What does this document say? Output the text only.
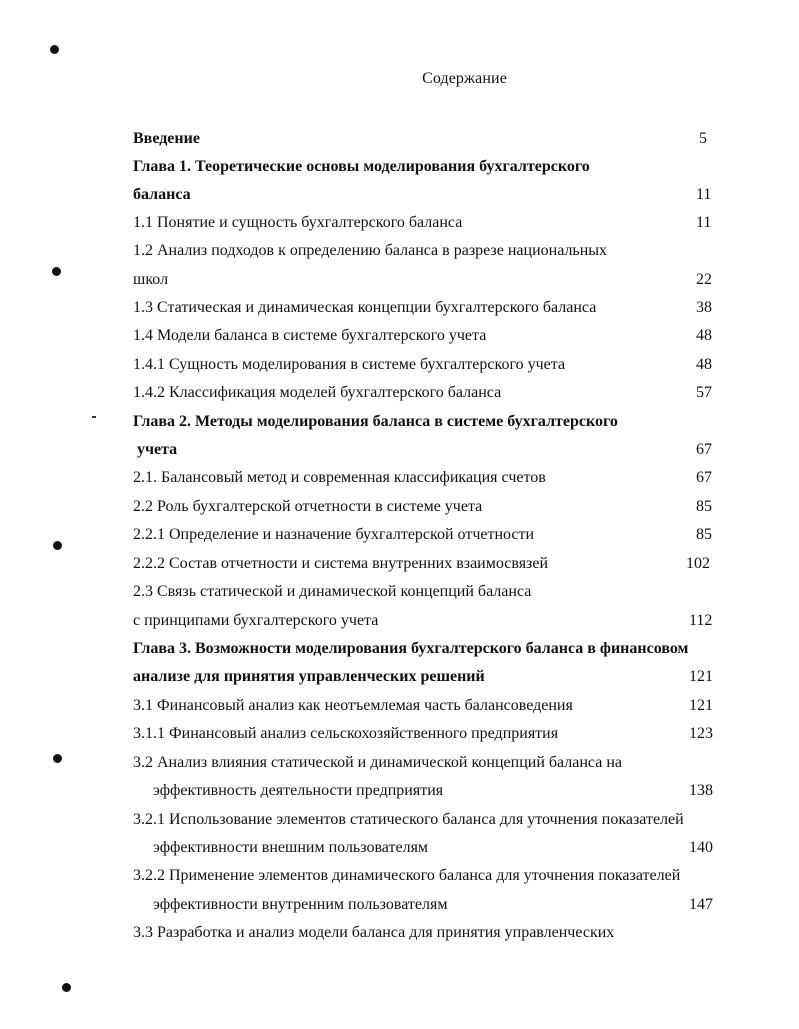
Содержание
Введение	5
Глава 1. Теоретические основы моделирования бухгалтерского
баланса	11
1.1 Понятие и сущность бухгалтерского баланса	11
1.2 Анализ подходов к определению баланса в разрезе национальных
школ	22
1.3 Статическая и динамическая концепции бухгалтерского баланса	38
1.4 Модели баланса в системе бухгалтерского учета	48
1.4.1 Сущность моделирования в системе бухгалтерского учета	48
1.4.2 Классификация моделей бухгалтерского баланса	57
Глава 2. Методы моделирования баланса в системе бухгалтерского
учета	67
2.1. Балансовый метод и современная классификация счетов	67
2.2 Роль бухгалтерской отчетности в системе учета	85
2.2.1 Определение и назначение бухгалтерской отчетности	85
2.2.2 Состав отчетности и система внутренних взаимосвязей	102
2.3 Связь статической и динамической концепций баланса
с принципами бухгалтерского учета	112
Глава 3. Возможности моделирования бухгалтерского баланса в финансовом
анализе для принятия управленческих решений	121
3.1 Финансовый анализ как неотъемлемая часть балансоведения	121
3.1.1 Финансовый анализ сельскохозяйственного предприятия	123
3.2 Анализ влияния статической и динамической концепций баланса на
эффективность деятельности предприятия	138
3.2.1 Использование элементов статического баланса для уточнения показателей
эффективности внешним пользователям	140
3.2.2 Применение элементов динамического баланса для уточнения показателей
эффективности внутренним пользователям	147
3.3 Разработка и анализ модели баланса для принятия управленческих
